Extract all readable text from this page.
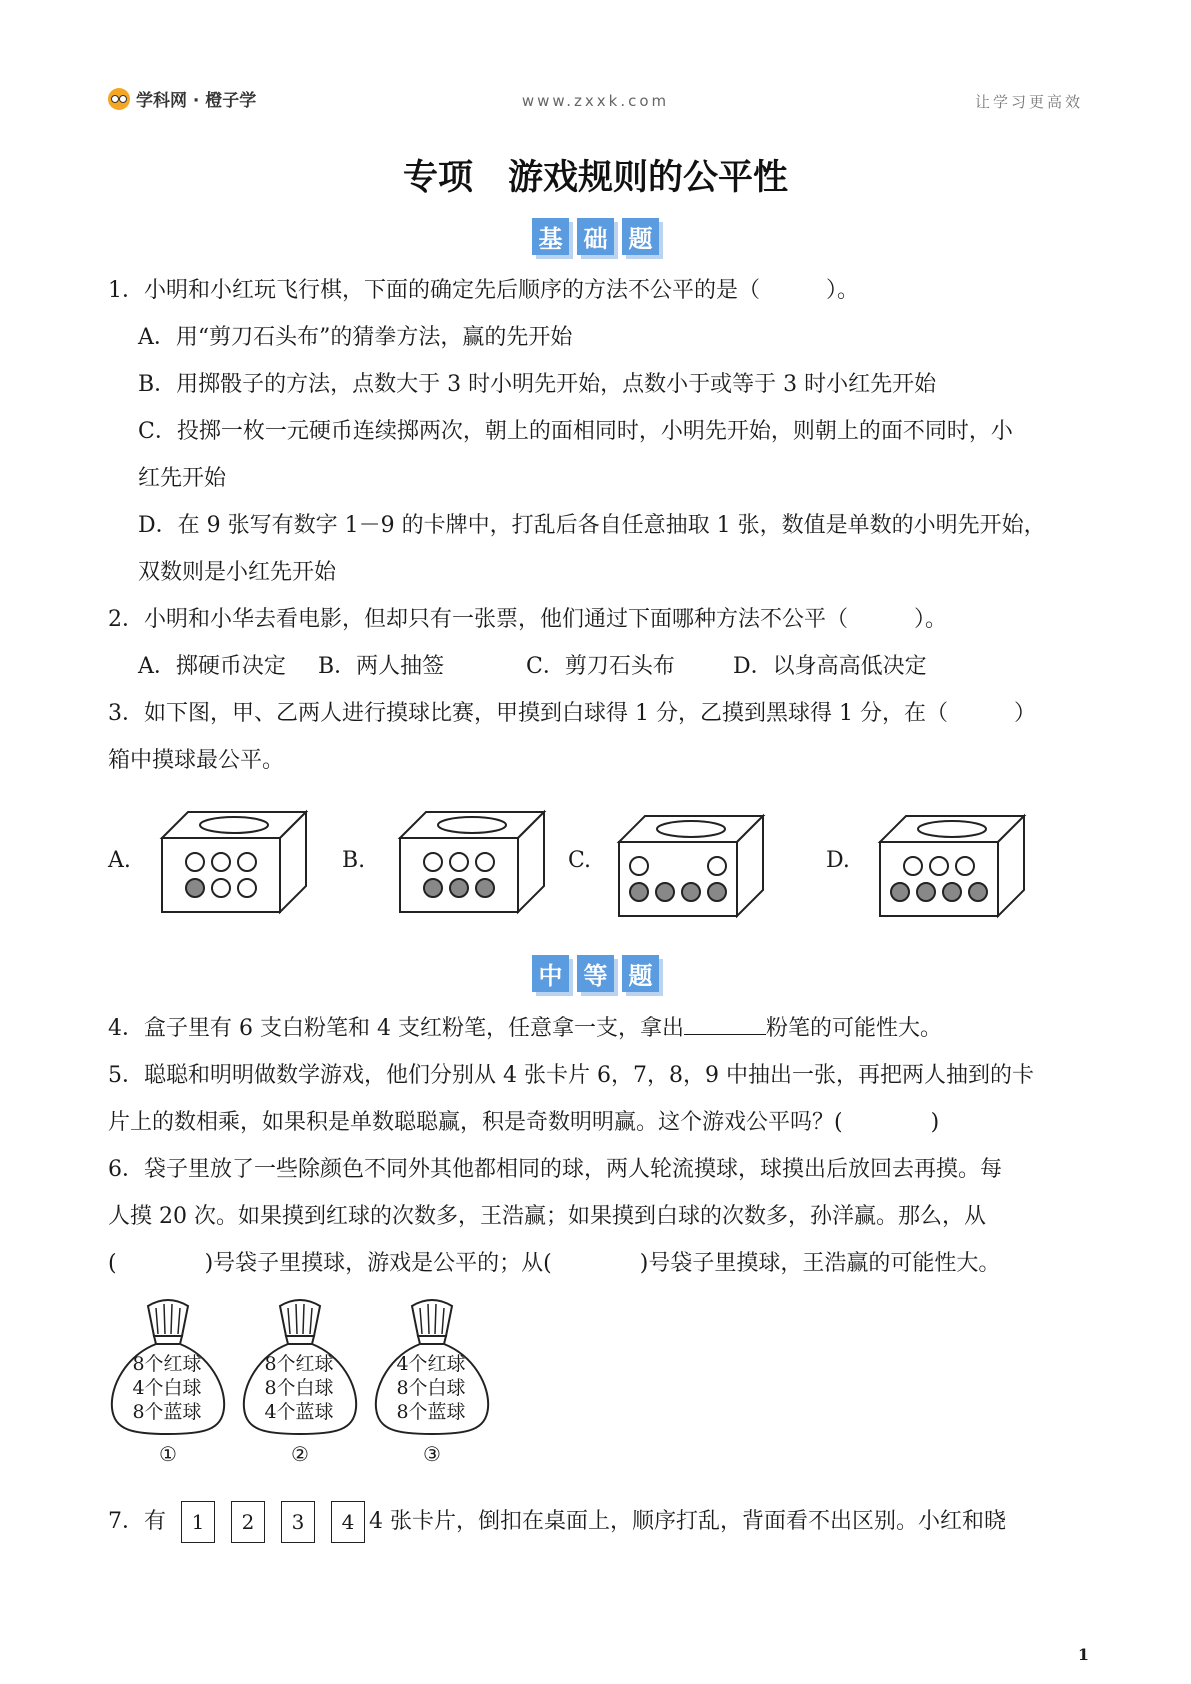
学科网 · 橙子学	www.zxxk.com	让学习更高效
专项　游戏规则的公平性
基 础 题
1．小明和小红玩飞行棋，下面的确定先后顺序的方法不公平的是（　　　）。
A．用“剪刀石头布”的猜拳方法，赢的先开始
B．用掷骰子的方法，点数大于 3 时小明先开始，点数小于或等于 3 时小红先开始
C．投掷一枚一元硬币连续掷两次，朝上的面相同时，小明先开始，则朝上的面不同时，小
红先开始
D．在 9 张写有数字 1－9 的卡牌中，打乱后各自任意抽取 1 张，数值是单数的小明先开始，
双数则是小红先开始
2．小明和小华去看电影，但却只有一张票，他们通过下面哪种方法不公平（　　　）。
A．掷硬币决定 B．两人抽签	C．剪刀石头布	D．以身高高低决定
3．如下图，甲、乙两人进行摸球比赛，甲摸到白球得 1 分，乙摸到黑球得 1 分，在（　　　）
箱中摸球最公平。
A.	B.	C.	D.
中 等 题
4．盒子里有 6 支白粉笔和 4 支红粉笔，任意拿一支，拿出	粉笔的可能性大。
5．聪聪和明明做数学游戏，他们分别从 4 张卡片 6，7，8，9 中抽出一张，再把两人抽到的卡
片上的数相乘，如果积是单数聪聪赢，积是奇数明明赢。这个游戏公平吗？(　　　　)
6．袋子里放了一些除颜色不同外其他都相同的球，两人轮流摸球，球摸出后放回去再摸。每
人摸 20 次。如果摸到红球的次数多，王浩赢；如果摸到白球的次数多，孙洋赢。那么，从
(　　　　)号袋子里摸球，游戏是公平的；从(　　　　)号袋子里摸球，王浩赢的可能性大。
8个红球
4个白球
8个蓝球
①
8个红球
8个白球
4个蓝球
②
4个红球
8个白球
8个蓝球
③
7．有 1 2 3 4 4 张卡片，倒扣在桌面上，顺序打乱，背面看不出区别。小红和晓
1
